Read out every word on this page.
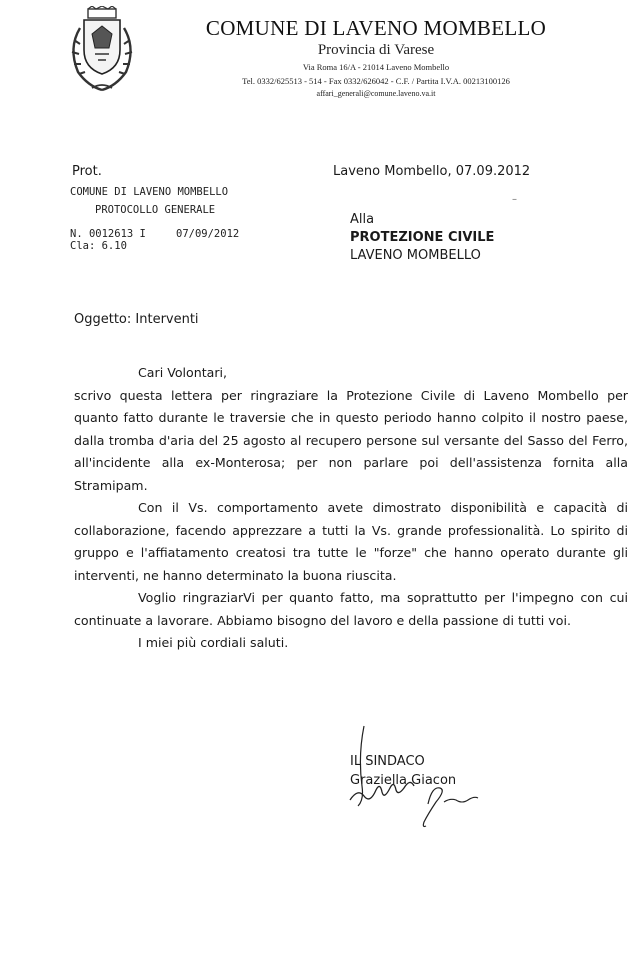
COMUNE DI LAVENO MOMBELLO
Provincia di Varese
Via Roma 16/A - 21014 Laveno Mombello
Tel. 0332/625513 - 514 - Fax 0332/626042 - C.F. / Partita I.V.A. 00213100126
affari_generali@comune.laveno.va.it
Prot.
COMUNE DI LAVENO MOMBELLO
PROTOCOLLO GENERALE
N. 0012613 I	07/09/2012
Cla: 6.10
Laveno Mombello, 07.09.2012
–
Alla
PROTEZIONE CIVILE
LAVENO MOMBELLO
Oggetto: Interventi

Cari Volontari,

scrivo questa lettera per ringraziare la Protezione Civile di Laveno Mombello per quanto fatto durante le traversie che in questo periodo hanno colpito il nostro paese, dalla tromba d'aria del 25 agosto al recupero persone sul versante del Sasso del Ferro, all'incidente alla ex-Monterosa; per non parlare poi dell'assistenza fornita alla Stramipam.

Con il Vs. comportamento avete dimostrato disponibilità e capacità di collaborazione, facendo apprezzare a tutti la Vs. grande professionalità. Lo spirito di gruppo e l'affiatamento creatosi tra tutte le "forze" che hanno operato durante gli interventi, ne hanno determinato la buona riuscita.

Voglio ringraziarVi per quanto fatto, ma soprattutto per l'impegno con cui continuate a lavorare. Abbiamo bisogno del lavoro e della passione di tutti voi.

I miei più cordiali saluti.

IL SINDACO
Graziella Giacon
